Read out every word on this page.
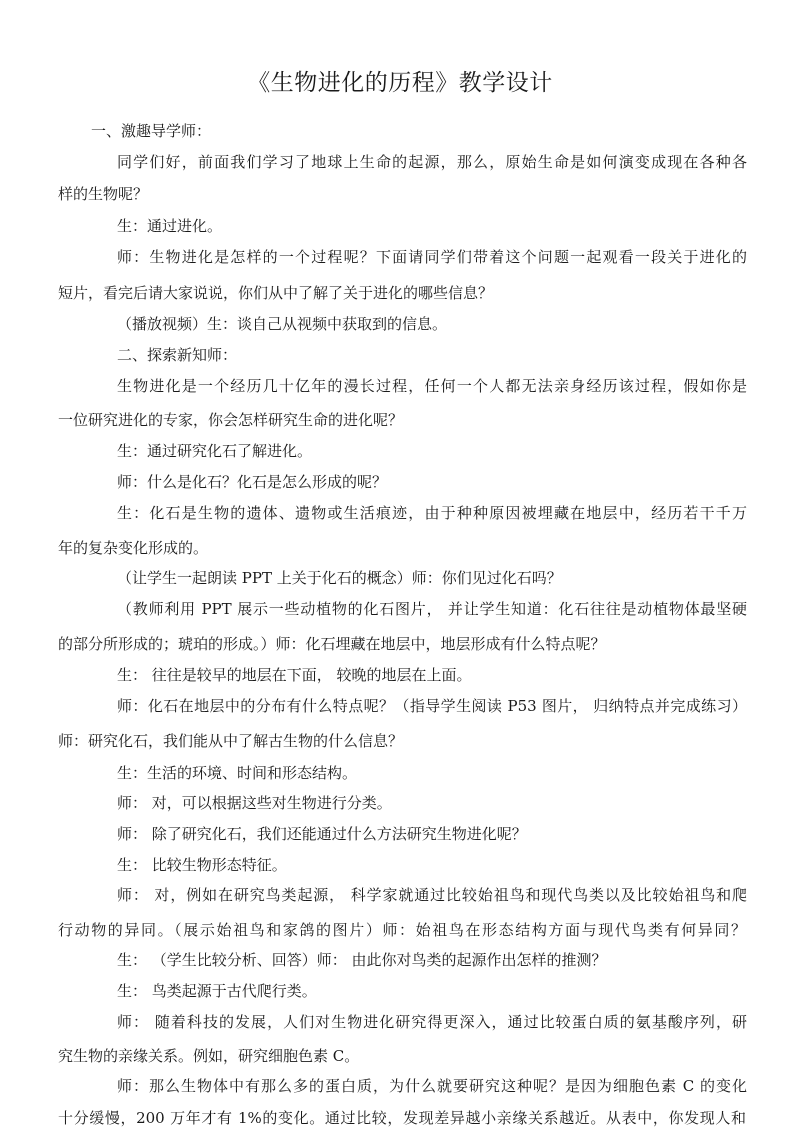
《生物进化的历程》教学设计
一、激趣导学师：
同学们好，前面我们学习了地球上生命的起源，那么，原始生命是如何演变成现在各种各
样的生物呢？
生：通过进化。
师：生物进化是怎样的一个过程呢？下面请同学们带着这个问题一起观看一段关于进化的
短片，看完后请大家说说，你们从中了解了关于进化的哪些信息？
（播放视频）生：谈自己从视频中获取到的信息。
二、探索新知师：
生物进化是一个经历几十亿年的漫长过程，任何一个人都无法亲身经历该过程，假如你是
一位研究进化的专家，你会怎样研究生命的进化呢？
生：通过研究化石了解进化。
师：什么是化石？化石是怎么形成的呢？
生：化石是生物的遗体、遗物或生活痕迹，由于种种原因被埋藏在地层中，经历若干千万
年的复杂变化形成的。
（让学生一起朗读 PPT 上关于化石的概念）师：你们见过化石吗？
（教师利用 PPT 展示一些动植物的化石图片， 并让学生知道：化石往往是动植物体最坚硬
的部分所形成的；琥珀的形成。）师：化石埋藏在地层中，地层形成有什么特点呢？
生： 往往是较早的地层在下面， 较晚的地层在上面。
师：化石在地层中的分布有什么特点呢？（指导学生阅读 P53 图片， 归纳特点并完成练习）
师：研究化石，我们能从中了解古生物的什么信息？
生：生活的环境、时间和形态结构。
师： 对，可以根据这些对生物进行分类。
师： 除了研究化石，我们还能通过什么方法研究生物进化呢？
生： 比较生物形态特征。
师： 对，例如在研究鸟类起源， 科学家就通过比较始祖鸟和现代鸟类以及比较始祖鸟和爬
行动物的异同。（展示始祖鸟和家鸽的图片）师：始祖鸟在形态结构方面与现代鸟类有何异同？
生： （学生比较分析、回答）师： 由此你对鸟类的起源作出怎样的推测？
生： 鸟类起源于古代爬行类。
师： 随着科技的发展，人们对生物进化研究得更深入，通过比较蛋白质的氨基酸序列，研
究生物的亲缘关系。例如，研究细胞色素 C。
师：那么生物体中有那么多的蛋白质，为什么就要研究这种呢？是因为细胞色素 C 的变化
十分缓慢，200 万年才有 1%的变化。通过比较，发现差异越小亲缘关系越近。从表中，你发现人和
